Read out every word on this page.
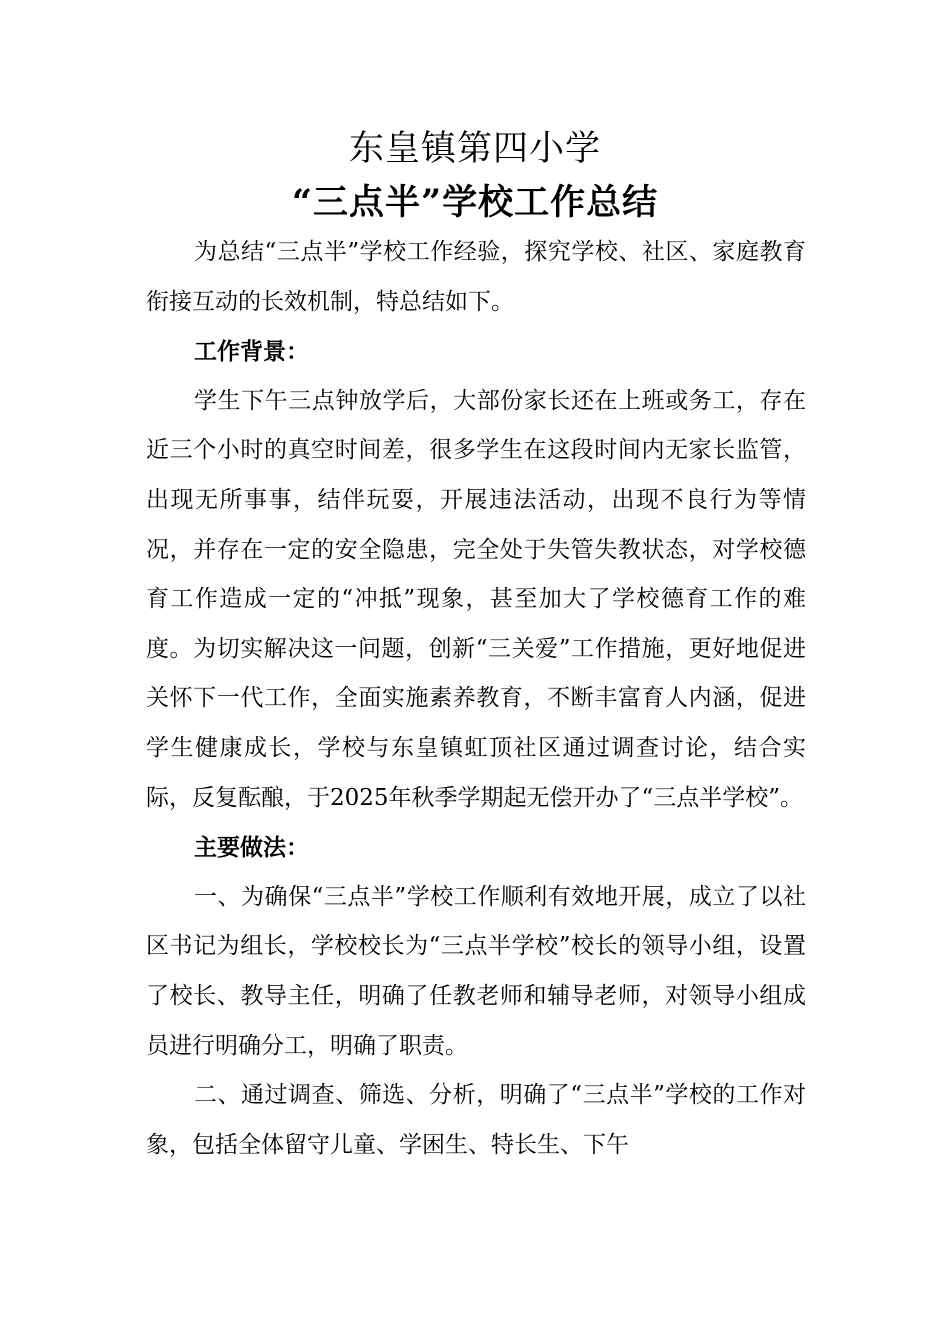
东皇镇第四小学
“三点半”学校工作总结

为总结“三点半”学校工作经验，探究学校、社区、家庭教育衔接互动的长效机制，特总结如下。

工作背景：

学生下午三点钟放学后，大部份家长还在上班或务工，存在近三个小时的真空时间差，很多学生在这段时间内无家长监管，出现无所事事，结伴玩耍，开展违法活动，出现不良行为等情况，并存在一定的安全隐患，完全处于失管失教状态，对学校德育工作造成一定的“冲抵”现象，甚至加大了学校德育工作的难度。为切实解决这一问题，创新“三关爱”工作措施，更好地促进关怀下一代工作，全面实施素养教育，不断丰富育人内涵，促进学生健康成长，学校与东皇镇虹顶社区通过调查讨论，结合实际，反复酝酿，于2025年秋季学期起无偿开办了“三点半学校”。

主要做法：

一、为确保“三点半”学校工作顺利有效地开展，成立了以社区书记为组长，学校校长为“三点半学校”校长的领导小组，设置了校长、教导主任，明确了任教老师和辅导老师，对领导小组成员进行明确分工，明确了职责。

二、通过调查、筛选、分析，明确了“三点半”学校的工作对象，包括全体留守儿童、学困生、特长生、下午
